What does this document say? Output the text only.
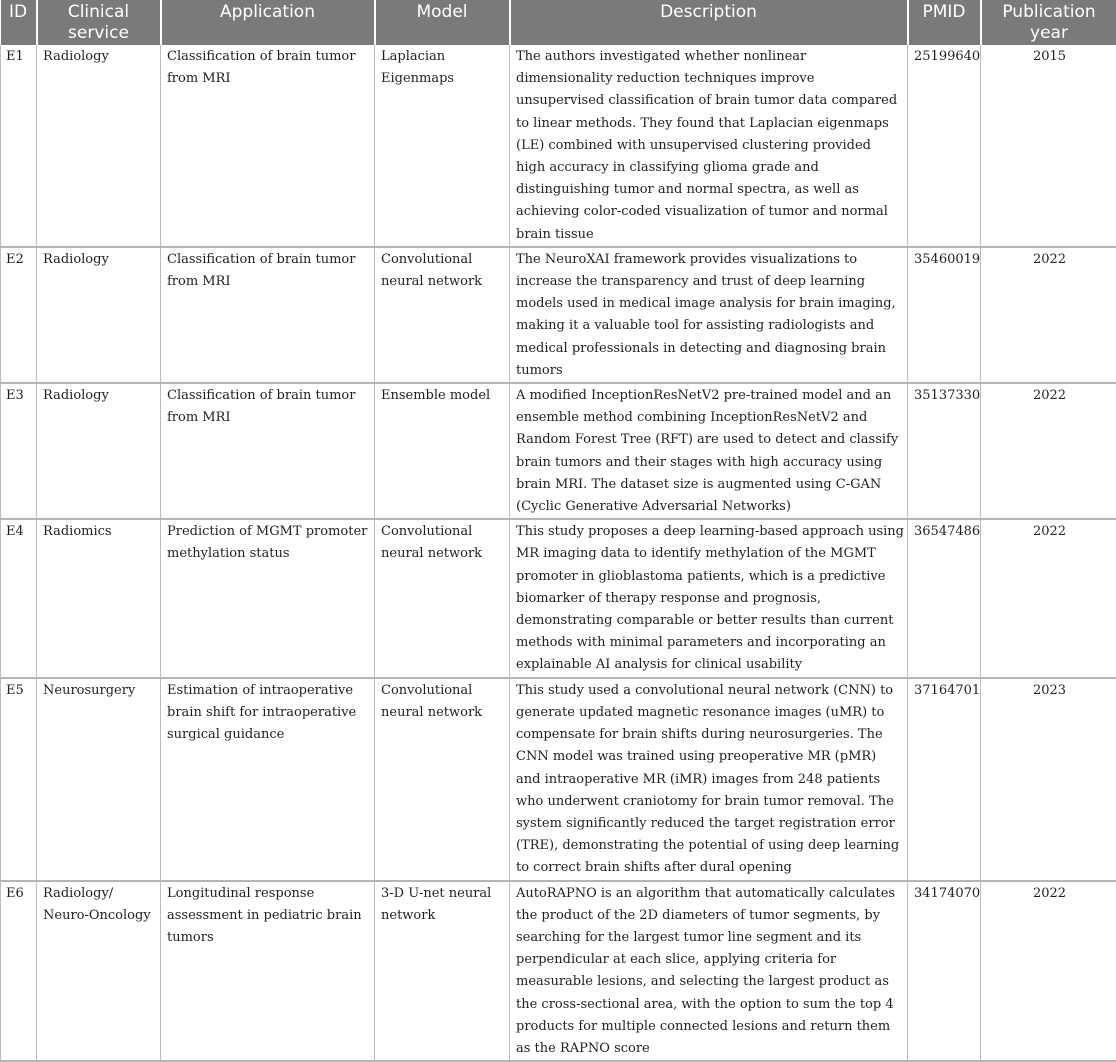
ID	Clinical service	Application	Model	Description	PMID	Publication year
E1	Radiology	Classification of brain tumor from MRI	Laplacian Eigenmaps	The authors investigated whether nonlinear dimensionality reduction techniques improve unsupervised classification of brain tumor data compared to linear methods. They found that Laplacian eigenmaps (LE) combined with unsupervised clustering provided high accuracy in classifying glioma grade and distinguishing tumor and normal spectra, as well as achieving color-coded visualization of tumor and normal brain tissue	25199640	2015
E2	Radiology	Classification of brain tumor from MRI	Convolutional neural network	The NeuroXAI framework provides visualizations to increase the transparency and trust of deep learning models used in medical image analysis for brain imaging, making it a valuable tool for assisting radiologists and medical professionals in detecting and diagnosing brain tumors	35460019	2022
E3	Radiology	Classification of brain tumor from MRI	Ensemble model	A modified InceptionResNetV2 pre-trained model and an ensemble method combining InceptionResNetV2 and Random Forest Tree (RFT) are used to detect and classify brain tumors and their stages with high accuracy using brain MRI. The dataset size is augmented using C-GAN (Cyclic Generative Adversarial Networks)	35137330	2022
E4	Radiomics	Prediction of MGMT promoter methylation status	Convolutional neural network	This study proposes a deep learning-based approach using MR imaging data to identify methylation of the MGMT promoter in glioblastoma patients, which is a predictive biomarker of therapy response and prognosis, demonstrating comparable or better results than current methods with minimal parameters and incorporating an explainable AI analysis for clinical usability	36547486	2022
E5	Neurosurgery	Estimation of intraoperative brain shift for intraoperative surgical guidance	Convolutional neural network	This study used a convolutional neural network (CNN) to generate updated magnetic resonance images (uMR) to compensate for brain shifts during neurosurgeries. The CNN model was trained using preoperative MR (pMR) and intraoperative MR (iMR) images from 248 patients who underwent craniotomy for brain tumor removal. The system significantly reduced the target registration error (TRE), demonstrating the potential of using deep learning to correct brain shifts after dural opening	37164701	2023
E6	Radiology/ Neuro-Oncology	Longitudinal response assessment in pediatric brain tumors	3-D U-net neural network	AutoRAPNO is an algorithm that automatically calculates the product of the 2D diameters of tumor segments, by searching for the largest tumor line segment and its perpendicular at each slice, applying criteria for measurable lesions, and selecting the largest product as the cross-sectional area, with the option to sum the top 4 products for multiple connected lesions and return them as the RAPNO score	34174070	2022
